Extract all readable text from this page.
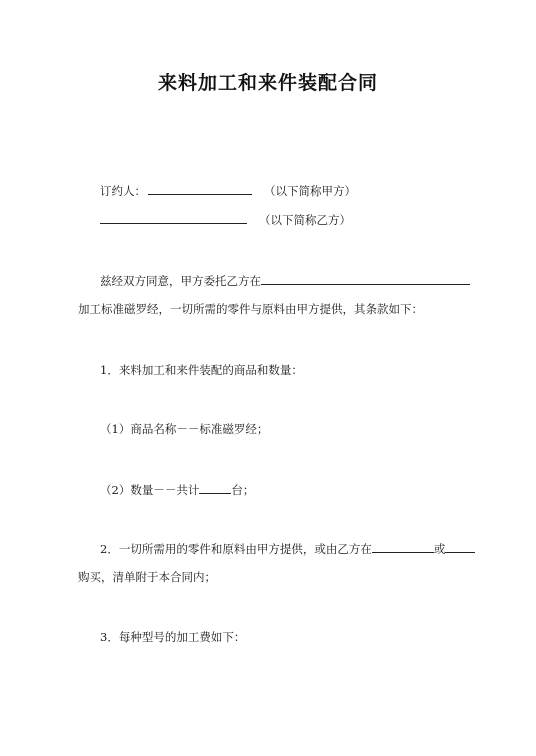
来料加工和来件装配合同
订约人：	（以下简称甲方）
（以下简称乙方）
兹经双方同意，甲方委托乙方在
加工标准磁罗经，一切所需的零件与原料由甲方提供，其条款如下：
1．来料加工和来件装配的商品和数量：
（1）商品名称－－标准磁罗经；
（2）数量－－共计	台；
2．一切所需用的零件和原料由甲方提供，或由乙方在	或
购买，清单附于本合同内；
3．每种型号的加工费如下：
